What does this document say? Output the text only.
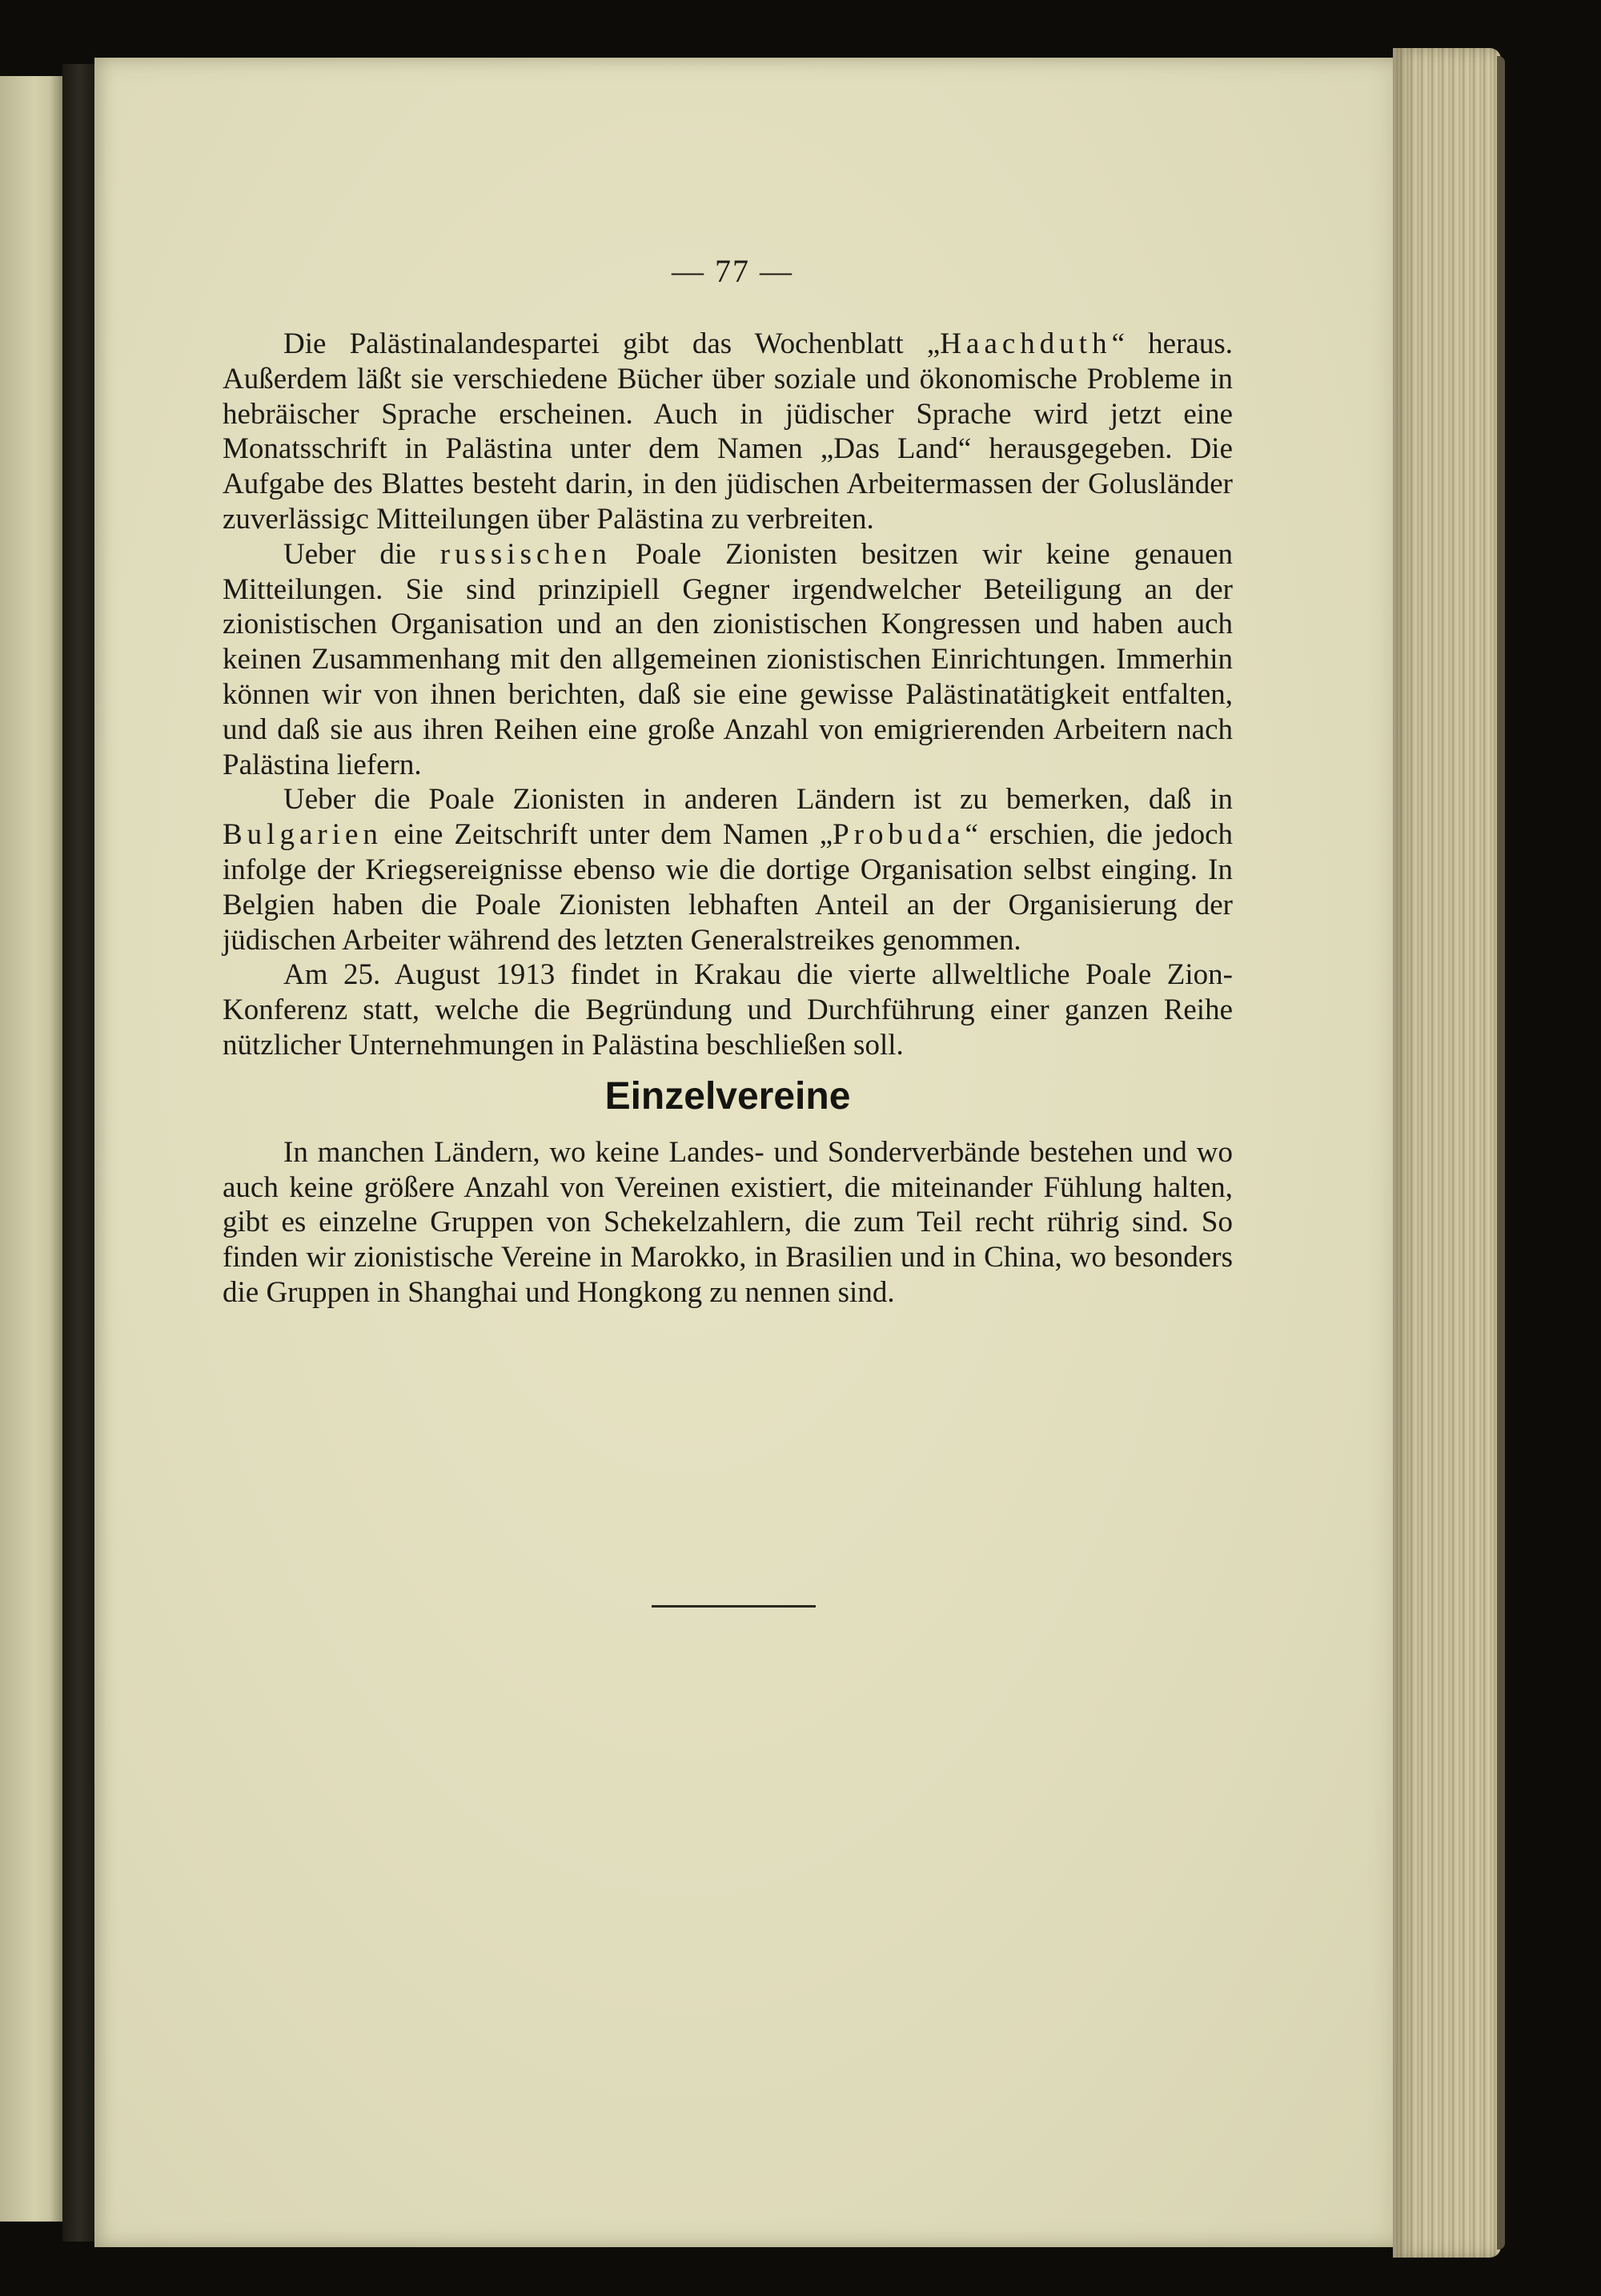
— 77 —

Die Palästinalandespartei gibt das Wochenblatt „Haachduth“ heraus. Außerdem läßt sie verschiedene Bücher über soziale und ökonomische Probleme in hebräischer Sprache erscheinen. Auch in jüdischer Sprache wird jetzt eine Monatsschrift in Palästina unter dem Namen „Das Land“ herausgegeben. Die Aufgabe des Blattes besteht darin, in den jüdischen Arbeitermassen der Golusländer zuverlässigc Mitteilungen über Palästina zu verbreiten.

Ueber die russischen Poale Zionisten besitzen wir keine genauen Mitteilungen. Sie sind prinzipiell Gegner irgendwelcher Beteiligung an der zionistischen Organisation und an den zionistischen Kongressen und haben auch keinen Zusammenhang mit den allgemeinen zionistischen Einrichtungen. Immerhin können wir von ihnen berichten, daß sie eine gewisse Palästinatätigkeit entfalten, und daß sie aus ihren Reihen eine große Anzahl von emigrierenden Arbeitern nach Palästina liefern.

Ueber die Poale Zionisten in anderen Ländern ist zu bemerken, daß in Bulgarien eine Zeitschrift unter dem Namen „Probuda“ erschien, die jedoch infolge der Kriegsereignisse ebenso wie die dortige Organisation selbst einging. In Belgien haben die Poale Zionisten lebhaften Anteil an der Organisierung der jüdischen Arbeiter während des letzten Generalstreikes genommen.

Am 25. August 1913 findet in Krakau die vierte allweltliche Poale Zion-Konferenz statt, welche die Begründung und Durchführung einer ganzen Reihe nützlicher Unternehmungen in Palästina beschließen soll.

Einzelvereine

In manchen Ländern, wo keine Landes- und Sonderverbände bestehen und wo auch keine größere Anzahl von Vereinen existiert, die miteinander Fühlung halten, gibt es einzelne Gruppen von Schekelzahlern, die zum Teil recht rührig sind. So finden wir zionistische Vereine in Marokko, in Brasilien und in China, wo besonders die Gruppen in Shanghai und Hongkong zu nennen sind.
